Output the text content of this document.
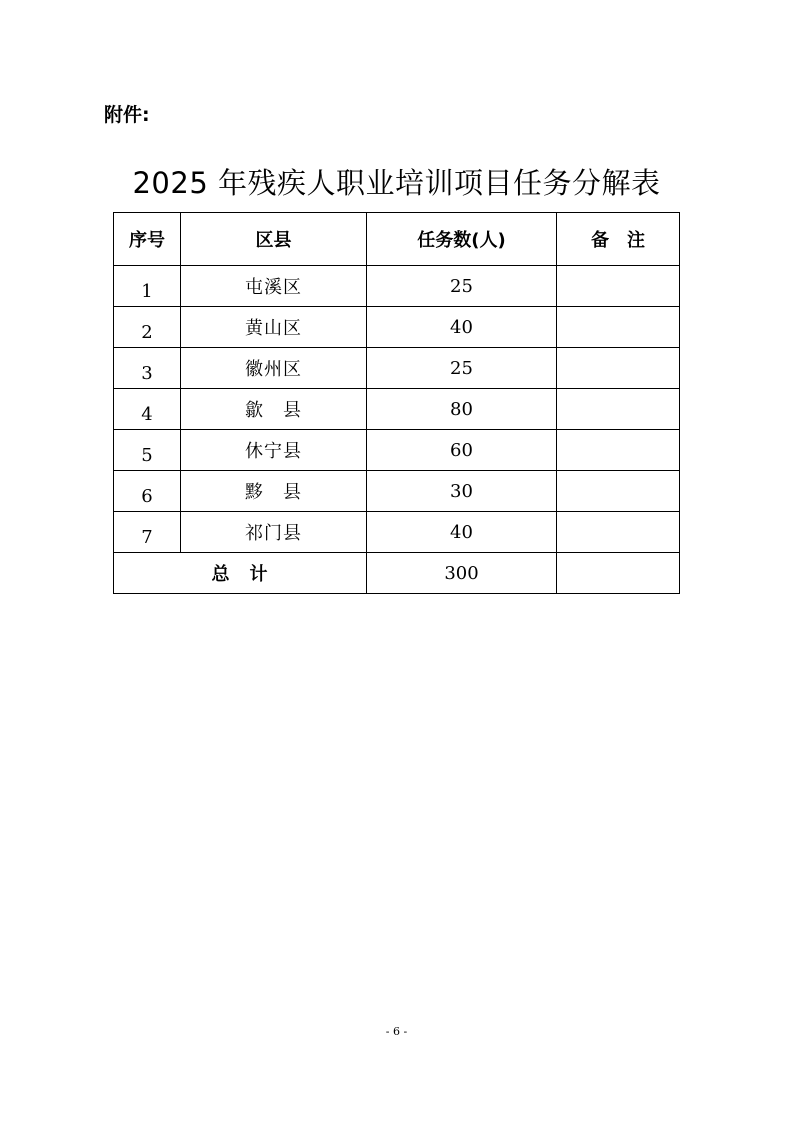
附件:
2025 年残疾人职业培训项目任务分解表
序号	区县	任务数(人)	备　注
1	屯溪区	25	
2	黄山区	40	
3	徽州区	25	
4	歙　县	80	
5	休宁县	60	
6	黟　县	30	
7	祁门县	40	
总　计		300	
- 6 -
